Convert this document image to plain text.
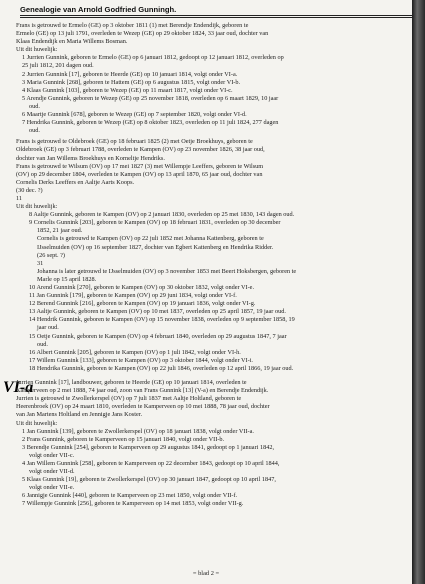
Genealogie van Arnold Godfried Gunningh.
Frans is getrouwd te Ermelo (GE) op 3 oktober 1811 (1) met Berendje Endendijk, geboren te
Ermelo (GE) op 13 juli 1791, overleden te Wezep (GE) op 29 oktober 1824, 33 jaar oud, dochter van
Klaas Endendijk en Maria Willems Bosman.
Uit dit huwelijk:
1 Jurrien Gunnink, geboren te Ermelo (GE) op 6 januari 1812, gedoopt op 12 januari 1812, overleden op
25 juli 1812, 201 dagen oud.
2 Jurrien Gunnink [17], geboren te Heerde (GE) op 10 januari 1814, volgt onder VI-a.
3 Maria Gunnink [268], geboren te Hattem (GE) op 6 augustus 1815, volgt onder VI-b.
4 Klaas Gunnink [103], geboren te Wezep (GE) op 11 maart 1817, volgt onder VI-c.
5 Arendje Gunnink, geboren te Wezep (GE) op 25 november 1818, overleden op 6 maart 1829, 10 jaar
oud.
6 Maartje Gunnink [678], geboren te Wezep (GE) op 7 september 1820, volgt onder VI-d.
7 Hendrika Gunnink, geboren te Wezep (GE) op 8 oktober 1823, overleden op 11 juli 1824, 277 dagen
oud.
Frans is getrouwd te Oldebroek (GE) op 18 februari 1825 (2) met Oetje Broekhuys, geboren te
Oldebroek (GE) op 3 februari 1788, overleden te Kampen (OV) op 23 november 1826, 38 jaar oud,
dochter van Jan Willems Broekhuys en Korneltje Hendriks.
Frans is getrouwd te Wilsum (OV) op 17 mei 1827 (3) met Willempje Leeffers, geboren te Wilsum
(OV) op 29 december 1804, overleden te Kampen (OV) op 13 april 1870, 65 jaar oud, dochter van
Cornelis Derks Leeffers en Aaltje Aarts Koops.
(30 dec. ?)
11
Uit dit huwelijk:
8 Aaltje Gunnink, geboren te Kampen (OV) op 2 januari 1830, overleden op 25 mei 1830, 143 dagen oud.
9 Cornelis Gunnink [203], geboren te Kampen (OV) op 18 februari 1831, overleden op 30 december
1852, 21 jaar oud.
Cornelis is getrouwd te Kampen (OV) op 22 juli 1852 met Johanna Kattenberg, geboren te
IJsselmuiden (OV) op 16 september 1827, dochter van Egbert Kattenberg en Hendrika Ridder.
(26 sept. ?)
31
Johanna is later getrouwd te IJsselmuiden (OV) op 3 november 1853 met Beert Hoksbergen, geboren te
Marle op 15 april 1828.
10 Arend Gunnink [270], geboren te Kampen (OV) op 30 oktober 1832, volgt onder VI-e.
11 Jan Gunnink [179], geboren te Kampen (OV) op 29 juni 1834, volgt onder VI-f.
12 Berend Gunnink [216], geboren te Kampen (OV) op 19 januari 1836, volgt onder VI-g.
13 Aaltje Gunnink, geboren te Kampen (OV) op 10 mei 1837, overleden op 25 april 1857, 19 jaar oud.
14 Hendrik Gunnink, geboren te Kampen (OV) op 15 november 1838, overleden op 9 september 1858, 19
jaar oud.
15 Oetje Gunnink, geboren te Kampen (OV) op 4 februari 1840, overleden op 29 augustus 1847, 7 jaar
oud.
16 Albert Gunnink [205], geboren te Kampen (OV) op 1 juli 1842, volgt onder VI-h.
17 Willem Gunnink [133], geboren te Kampen (OV) op 3 oktober 1844, volgt onder VI-i.
18 Hendrika Gunnink, geboren te Kampen (OV) op 22 juli 1846, overleden op 12 april 1866, 19 jaar oud.
VI-a
Jurrien Gunnink [17], landbouwer, geboren te Heerde (GE) op 10 januari 1814, overleden te
Kamperveen op 2 mei 1888, 74 jaar oud, zoon van Frans Gunnink [13] (V-a) en Berendje Endendijk.
Jurrien is getrouwd te Zwollerkerspel (OV) op 7 juli 1837 met Aaltje Holtland, geboren te
Heerenbroek (OV) op 24 maart 1810, overleden te Kamperveen op 10 mei 1888, 78 jaar oud, dochter
van Jan Martens Holtland en Jennigje Jans Koster.
Uit dit huwelijk:
1 Jan Gunnink [139], geboren te Zwollerkerspel (OV) op 18 januari 1838, volgt onder VII-a.
2 Frans Gunnink, geboren te Kamperveen op 15 januari 1840, volgt onder VII-b.
3 Berendje Gunnink [254], geboren te Kamperveen op 29 augustus 1841, gedoopt op 1 januari 1842,
volgt onder VII-c.
4 Jan Willem Gunnink [258], geboren te Kamperveen op 22 december 1843, gedoopt op 10 april 1844,
volgt onder VII-d.
5 Klaas Gunnink [19], geboren te Zwollerkerspel (OV) op 30 januari 1847, gedoopt op 10 april 1847,
volgt onder VII-e.
6 Jannigje Gunnink [440], geboren te Kamperveen op 23 mei 1850, volgt onder VII-f.
7 Willempje Gunnink [256], geboren te Kamperveen op 14 mei 1853, volgt onder VII-g.
= blad 2 =
